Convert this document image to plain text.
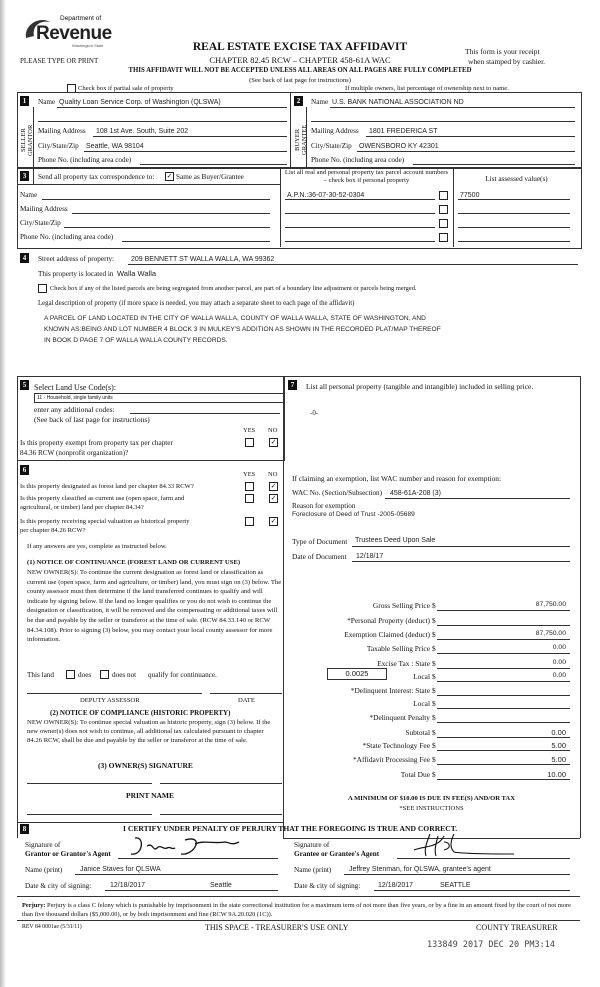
Department of
Revenue
Washington State
PLEASE TYPE OR PRINT
REAL ESTATE EXCISE TAX AFFIDAVIT
CHAPTER 82.45 RCW – CHAPTER 458-61A WAC
This form is your receipt
when stamped by cashier.
THIS AFFIDAVIT WILL NOT BE ACCEPTED UNLESS ALL AREAS ON ALL PAGES ARE FULLY COMPLETED
(See back of last page for instructions)
Check box if partial sale of property	If multiple owners, list percentage of ownership next to name.
1	2
SELLER GRANTOR	BUYER GRANTEE
Name Quality Loan Service Corp. of Washington (QLSWA)
Mailing Address 108 1st Ave. South, Suite 202
City/State/Zip Seattle, WA 98104
Phone No. (including area code)
Name U.S. BANK NATIONAL ASSOCIATION ND
Mailing Address 1801 FREDERICA ST
City/State/Zip OWENSBORO KY 42301
Phone No. (including area code)
3	Send all property tax correspondence to: ✓ Same as Buyer/Grantee
Name
Mailing Address
City/State/Zip
Phone No. (including area code)
List all real and personal property tax parcel account numbers – check box if personal property	List assessed value(s)
A.P.N.:36-07-30-52-0304	77500
4	Street address of property: 209 BENNETT ST WALLA WALLA, WA 99362
This property is located in Walla Walla
Check box if any of the listed parcels are being segregated from another parcel, are part of a boundary line adjustment or parcels being merged.
Legal description of property (if more space is needed, you may attach a separate sheet to each page of the affidavit)
A PARCEL OF LAND LOCATED IN THE CITY OF WALLA WALLA, COUNTY OF WALLA WALLA, STATE OF WASHINGTON, AND
KNOWN AS:BEING AND LOT NUMBER 4 BLOCK 3 IN MULKEY'S ADDITION AS SHOWN IN THE RECORDED PLAT/MAP THEREOF
IN BOOK D PAGE 7 OF WALLA WALLA COUNTY RECORDS.
5 Select Land Use Code(s):
11 - Household, single family units
enter any additional codes:
(See back of last page for instructions)
YES NO
Is this property exempt from property tax per chapter
84.36 RCW (nonprofit organization)?
✓
7	List all personal property (tangible and intangible) included in selling price.
-0-
6
YES NO
Is this property designated as forest land per chapter 84.33 RCW?	✓
Is this property classified as current use (open space, farm and
agricultural, or timber) land per chapter 84.34?
✓
Is this property receiving special valuation as historical property
per chapter 84.26 RCW?
✓
If any answers are yes, complete as instructed below.
(1) NOTICE OF CONTINUANCE (FOREST LAND OR CURRENT USE)
NEW OWNER(S): To continue the current designation as forest land or classification as current use (open space, farm and agriculture, or timber) land, you must sign on (3) below. The county assessor must then determine if the land transferred continues to qualify and will indicate by signing below. If the land no longer qualifies or you do not wish to continue the designation or classification, it will be removed and the compensating or additional taxes will be due and payable by the seller or transferor at the time of sale. (RCW 84.33.140 or RCW 84.34.108). Prior to signing (3) below, you may contact your local county assessor for more information.
This land	does	does not qualify for continuance.
DEPUTY ASSESSOR	DATE
(2) NOTICE OF COMPLIANCE (HISTORIC PROPERTY)
NEW OWNER(S): To continue special valuation as historic property, sign (3) below. If the new owner(s) does not wish to continue, all additional tax calculated pursuant to chapter 84.26 RCW, shall be due and payable by the seller or transferor at the time of sale.
(3) OWNER(S) SIGNATURE
PRINT NAME
If claiming an exemption, list WAC number and reason for exemption:
WAC No. (Section/Subsection) 458-61A-208 (3)
Reason for exemption
Foreclosure of Deed of Trust -2005-05689
Type of Document Trustees Deed Upon Sale
Date of Document 12/18/17
Gross Selling Price $	87,750.00
*Personal Property (deduct) $
Exemption Claimed (deduct) $	87,750.00
Taxable Selling Price $	0.00
Excise Tax : State $	0.00
Local $	0.00
*Delinquent Interest: State $
Local $
*Delinquent Penalty $
Subtotal $	0.00
*State Technology Fee $	5.00
*Affidavit Processing Fee $	5.00
Total Due $	10.00
0.0025
A MINIMUM OF $10.00 IS DUE IN FEE(S) AND/OR TAX
*SEE INSTRUCTIONS
8	I CERTIFY UNDER PENALTY OF PERJURY THAT THE FOREGOING IS TRUE AND CORRECT.
Signature of
Grantor or Grantor's Agent
Name (print)	Janice Staves for QLSWA
Date & city of signing:	12/18/2017	Seattle
Signature of
Grantee or Grantee's Agent
Name (print)	Jeffrey Stenman, for QLSWA, grantee's agent
Date & city of signing:	12/18/2017	SEATTLE
Perjury: Perjury is a class C felony which is punishable by imprisonment in the state correctional institution for a maximum term of not more than five years, or by a fine in an amount fixed by the court of not more than five thousand dollars ($5,000.00), or by both imprisonment and fine (RCW 9A.20.020 (1C)).
REV 84 0001ae (5/31/11)	THIS SPACE - TREASURER'S USE ONLY	COUNTY TREASURER
133849 2017 DEC 20 PM3:14
